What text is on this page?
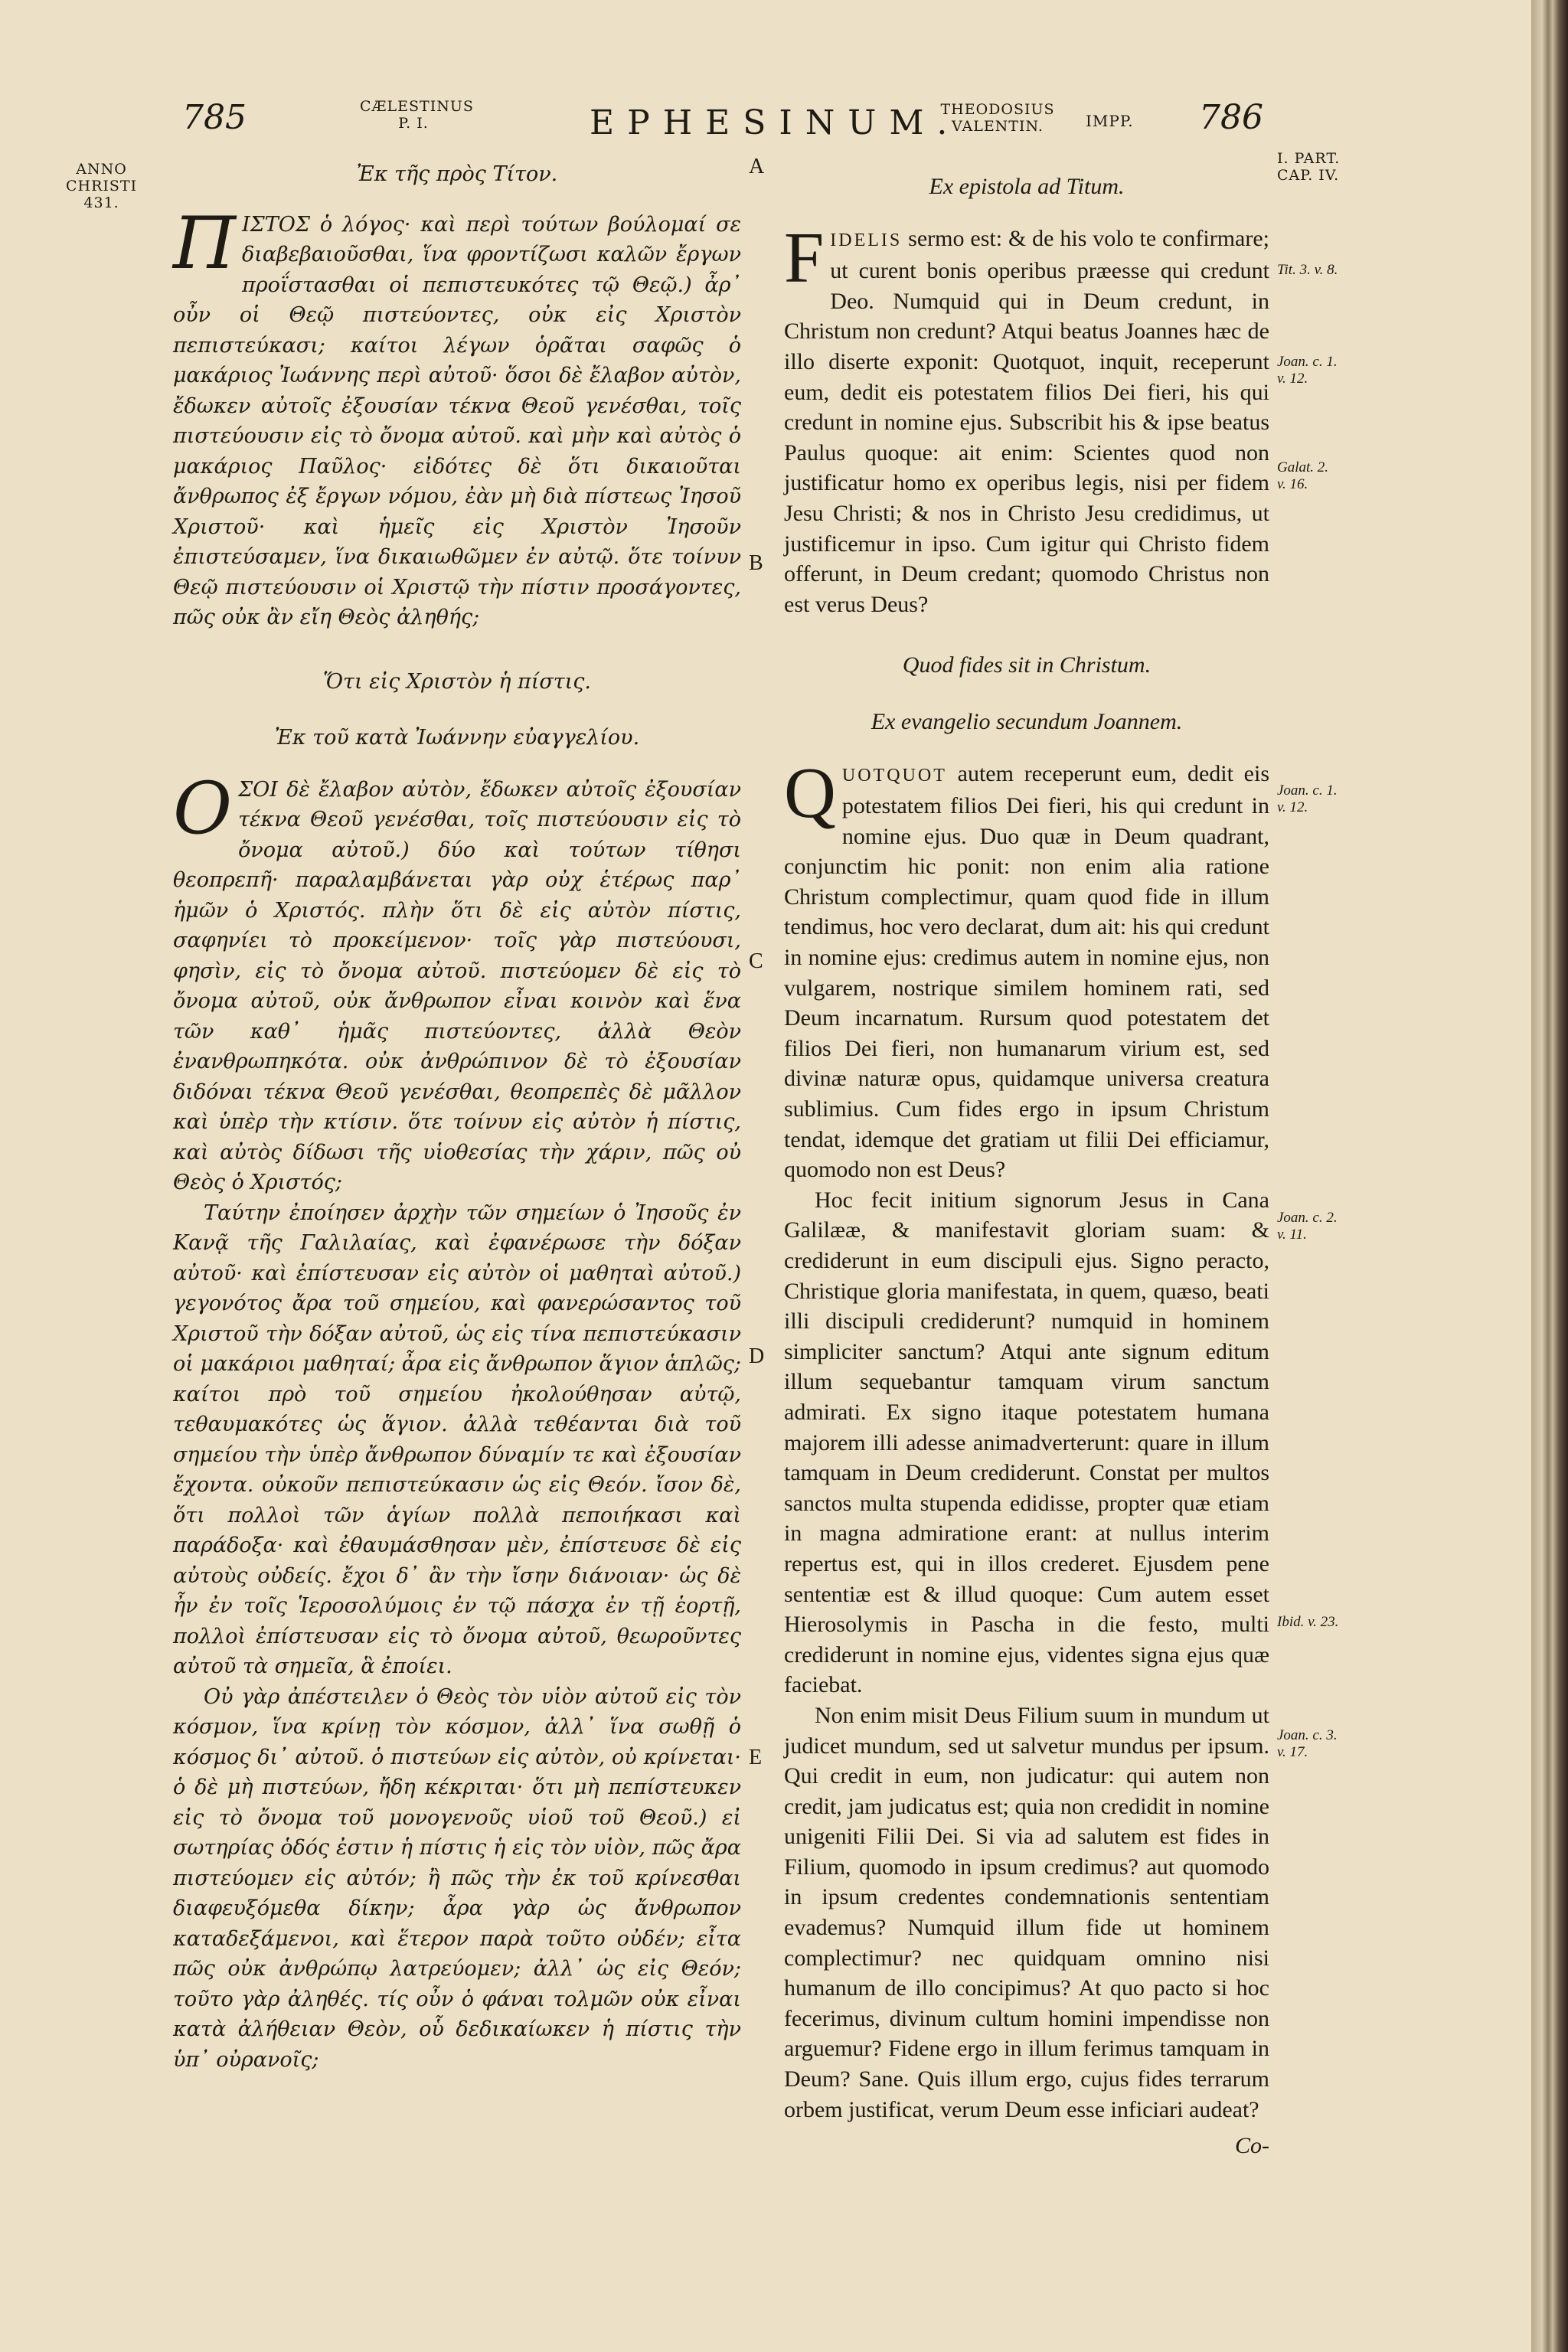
785	CÆLESTINUS
P. I.	EPHESINUM.
THEODOSIUS
VALENTIN.	IMPP. 786
ANNO
CHRISTI
431.
I. PART.
CAP. IV.
A
B
C
D
E

Ἐκ τῆς πρὸς Τίτον.

Π ΙΣΤΟΣ ὁ λόγος· καὶ περὶ τούτων βούλομαί σε διαβεβαιοῦσθαι, ἵνα φροντίζωσι καλῶν ἔργων προΐστασθαι οἱ πεπιστευκότες τῷ Θεῷ.) ἆρ᾽ οὖν οἱ Θεῷ πιστεύοντες, οὐκ εἰς Χριστὸν πεπιστεύκασι; καίτοι λέγων ὁρᾶται σαφῶς ὁ μακάριος Ἰωάννης περὶ αὐτοῦ· ὅσοι δὲ ἔλαβον αὐτὸν, ἔδωκεν αὐτοῖς ἐξουσίαν τέκνα Θεοῦ γενέσθαι, τοῖς πιστεύουσιν εἰς τὸ ὄνομα αὐτοῦ. καὶ μὴν καὶ αὐτὸς ὁ μακάριος Παῦλος· εἰδότες δὲ ὅτι δικαιοῦται ἄνθρωπος ἐξ ἔργων νόμου, ἐὰν μὴ διὰ πίστεως Ἰησοῦ Χριστοῦ· καὶ ἡμεῖς εἰς Χριστὸν Ἰησοῦν ἐπιστεύσαμεν, ἵνα δικαιωθῶμεν ἐν αὐτῷ. ὅτε τοίνυν Θεῷ πιστεύουσιν οἱ Χριστῷ τὴν πίστιν προσάγοντες, πῶς οὐκ ἂν εἴη Θεὸς ἀληθής;

Ὅτι εἰς Χριστὸν ἡ πίστις.

Ἐκ τοῦ κατὰ Ἰωάννην εὐαγγελίου.

Ο ΣΟΙ δὲ ἔλαβον αὐτὸν, ἔδωκεν αὐτοῖς ἐξουσίαν τέκνα Θεοῦ γενέσθαι, τοῖς πιστεύουσιν εἰς τὸ ὄνομα αὐτοῦ.) δύο καὶ τούτων τίθησι θεοπρεπῆ· παραλαμβάνεται γὰρ οὐχ ἑτέρως παρ᾽ ἡμῶν ὁ Χριστός. πλὴν ὅτι δὲ εἰς αὐτὸν πίστις, σαφηνίει τὸ προκείμενον· τοῖς γὰρ πιστεύουσι, φησὶν, εἰς τὸ ὄνομα αὐτοῦ. πιστεύομεν δὲ εἰς τὸ ὄνομα αὐτοῦ, οὐκ ἄνθρωπον εἶναι κοινὸν καὶ ἕνα τῶν καθ᾽ ἡμᾶς πιστεύοντες, ἀλλὰ Θεὸν ἐνανθρωπηκότα. οὐκ ἀνθρώπινον δὲ τὸ ἐξουσίαν διδόναι τέκνα Θεοῦ γενέσθαι, θεοπρεπὲς δὲ μᾶλλον καὶ ὑπὲρ τὴν κτίσιν. ὅτε τοίνυν εἰς αὐτὸν ἡ πίστις, καὶ αὐτὸς δίδωσι τῆς υἱοθεσίας τὴν χάριν, πῶς οὐ Θεὸς ὁ Χριστός;

Ταύτην ἐποίησεν ἀρχὴν τῶν σημείων ὁ Ἰησοῦς ἐν Κανᾷ τῆς Γαλιλαίας, καὶ ἐφανέρωσε τὴν δόξαν αὐτοῦ· καὶ ἐπίστευσαν εἰς αὐτὸν οἱ μαθηταὶ αὐτοῦ.) γεγονότος ἄρα τοῦ σημείου, καὶ φανερώσαντος τοῦ Χριστοῦ τὴν δόξαν αὐτοῦ, ὡς εἰς τίνα πεπιστεύκασιν οἱ μακάριοι μαθηταί; ἆρα εἰς ἄνθρωπον ἅγιον ἁπλῶς; καίτοι πρὸ τοῦ σημείου ἠκολούθησαν αὐτῷ, τεθαυμακότες ὡς ἅγιον. ἀλλὰ τεθέανται διὰ τοῦ σημείου τὴν ὑπὲρ ἄνθρωπον δύναμίν τε καὶ ἐξουσίαν ἔχοντα. οὐκοῦν πεπιστεύκασιν ὡς εἰς Θεόν. ἴσον δὲ, ὅτι πολλοὶ τῶν ἁγίων πολλὰ πεποιήκασι καὶ παράδοξα· καὶ ἐθαυμάσθησαν μὲν, ἐπίστευσε δὲ εἰς αὐτοὺς οὐδείς. ἔχοι δ᾽ ἂν τὴν ἴσην διάνοιαν· ὡς δὲ ἦν ἐν τοῖς Ἱεροσολύμοις ἐν τῷ πάσχα ἐν τῇ ἑορτῇ, πολλοὶ ἐπίστευσαν εἰς τὸ ὄνομα αὐτοῦ, θεωροῦντες αὐτοῦ τὰ σημεῖα, ἃ ἐποίει.

Οὐ γὰρ ἀπέστειλεν ὁ Θεὸς τὸν υἱὸν αὐτοῦ εἰς τὸν κόσμον, ἵνα κρίνῃ τὸν κόσμον, ἀλλ᾽ ἵνα σωθῇ ὁ κόσμος δι᾽ αὐτοῦ. ὁ πιστεύων εἰς αὐτὸν, οὐ κρίνεται· ὁ δὲ μὴ πιστεύων, ἤδη κέκριται· ὅτι μὴ πεπίστευκεν εἰς τὸ ὄνομα τοῦ μονογενοῦς υἱοῦ τοῦ Θεοῦ.) εἰ σωτηρίας ὁδός ἐστιν ἡ πίστις ἡ εἰς τὸν υἱὸν, πῶς ἄρα πιστεύομεν εἰς αὐτόν; ἢ πῶς τὴν ἐκ τοῦ κρίνεσθαι διαφευξόμεθα δίκην; ἆρα γὰρ ὡς ἄνθρωπον καταδεξάμενοι, καὶ ἕτερον παρὰ τοῦτο οὐδέν; εἶτα πῶς οὐκ ἀνθρώπῳ λατρεύομεν; ἀλλ᾽ ὡς εἰς Θεόν; τοῦτο γὰρ ἀληθές. τίς οὖν ὁ φάναι τολμῶν οὐκ εἶναι κατὰ ἀλήθειαν Θεὸν, οὗ δεδικαίωκεν ἡ πίστις τὴν ὑπ᾽ οὐρανοῖς;

Ex epistola ad Titum.

F IDELIS sermo est: & de his volo te confirmare; ut curent bonis operibus præesse qui credunt Deo. Numquid qui in Deum credunt, in Christum non credunt? Atqui beatus Joannes hæc de illo diserte exponit: Quotquot, inquit, receperunt eum, dedit eis potestatem filios Dei fieri, his qui credunt in nomine ejus. Subscribit his & ipse beatus Paulus quoque: ait enim: Scientes quod non justificatur homo ex operibus legis, nisi per fidem Jesu Christi; & nos in Christo Jesu credidimus, ut justificemur in ipso. Cum igitur qui Christo fidem offerunt, in Deum credant; quomodo Christus non est verus Deus?

Quod fides sit in Christum.

Ex evangelio secundum Joannem.

Q UOTQUOT autem receperunt eum, dedit eis potestatem filios Dei fieri, his qui credunt in nomine ejus. Duo quæ in Deum quadrant, conjunctim hic ponit: non enim alia ratione Christum complectimur, quam quod fide in illum tendimus, hoc vero declarat, dum ait: his qui credunt in nomine ejus: credimus autem in nomine ejus, non vulgarem, nostrique similem hominem rati, sed Deum incarnatum. Rursum quod potestatem det filios Dei fieri, non humanarum virium est, sed divinæ naturæ opus, quidamque universa creatura sublimius. Cum fides ergo in ipsum Christum tendat, idemque det gratiam ut filii Dei efficiamur, quomodo non est Deus?

Hoc fecit initium signorum Jesus in Cana Galilææ, & manifestavit gloriam suam: & crediderunt in eum discipuli ejus. Signo peracto, Christique gloria manifestata, in quem, quæso, beati illi discipuli crediderunt? numquid in hominem simpliciter sanctum? Atqui ante signum editum illum sequebantur tamquam virum sanctum admirati. Ex signo itaque potestatem humana majorem illi adesse animadverterunt: quare in illum tamquam in Deum crediderunt. Constat per multos sanctos multa stupenda edidisse, propter quæ etiam in magna admiratione erant: at nullus interim repertus est, qui in illos crederet. Ejusdem pene sententiæ est & illud quoque: Cum autem esset Hierosolymis in Pascha in die festo, multi crediderunt in nomine ejus, videntes signa ejus quæ faciebat.

Non enim misit Deus Filium suum in mundum ut judicet mundum, sed ut salvetur mundus per ipsum. Qui credit in eum, non judicatur: qui autem non credit, jam judicatus est; quia non credidit in nomine unigeniti Filii Dei. Si via ad salutem est fides in Filium, quomodo in ipsum credimus? aut quomodo in ipsum credentes condemnationis sententiam evademus? Numquid illum fide ut hominem complectimur? nec quidquam omnino nisi humanum de illo concipimus? At quo pacto si hoc fecerimus, divinum cultum homini impendisse non arguemur? Fidene ergo in illum ferimus tamquam in Deum? Sane. Quis illum ergo, cujus fides terrarum orbem justificat, verum Deum esse inficiari audeat?

Co-

Tit. 3. v. 8.
Joan. c. 1.
v. 12.
Galat. 2.
v. 16.
Joan. c. 1.
v. 12.
Joan. c. 2.
v. 11.
Ibid. v. 23.
Joan. c. 3.
v. 17.
